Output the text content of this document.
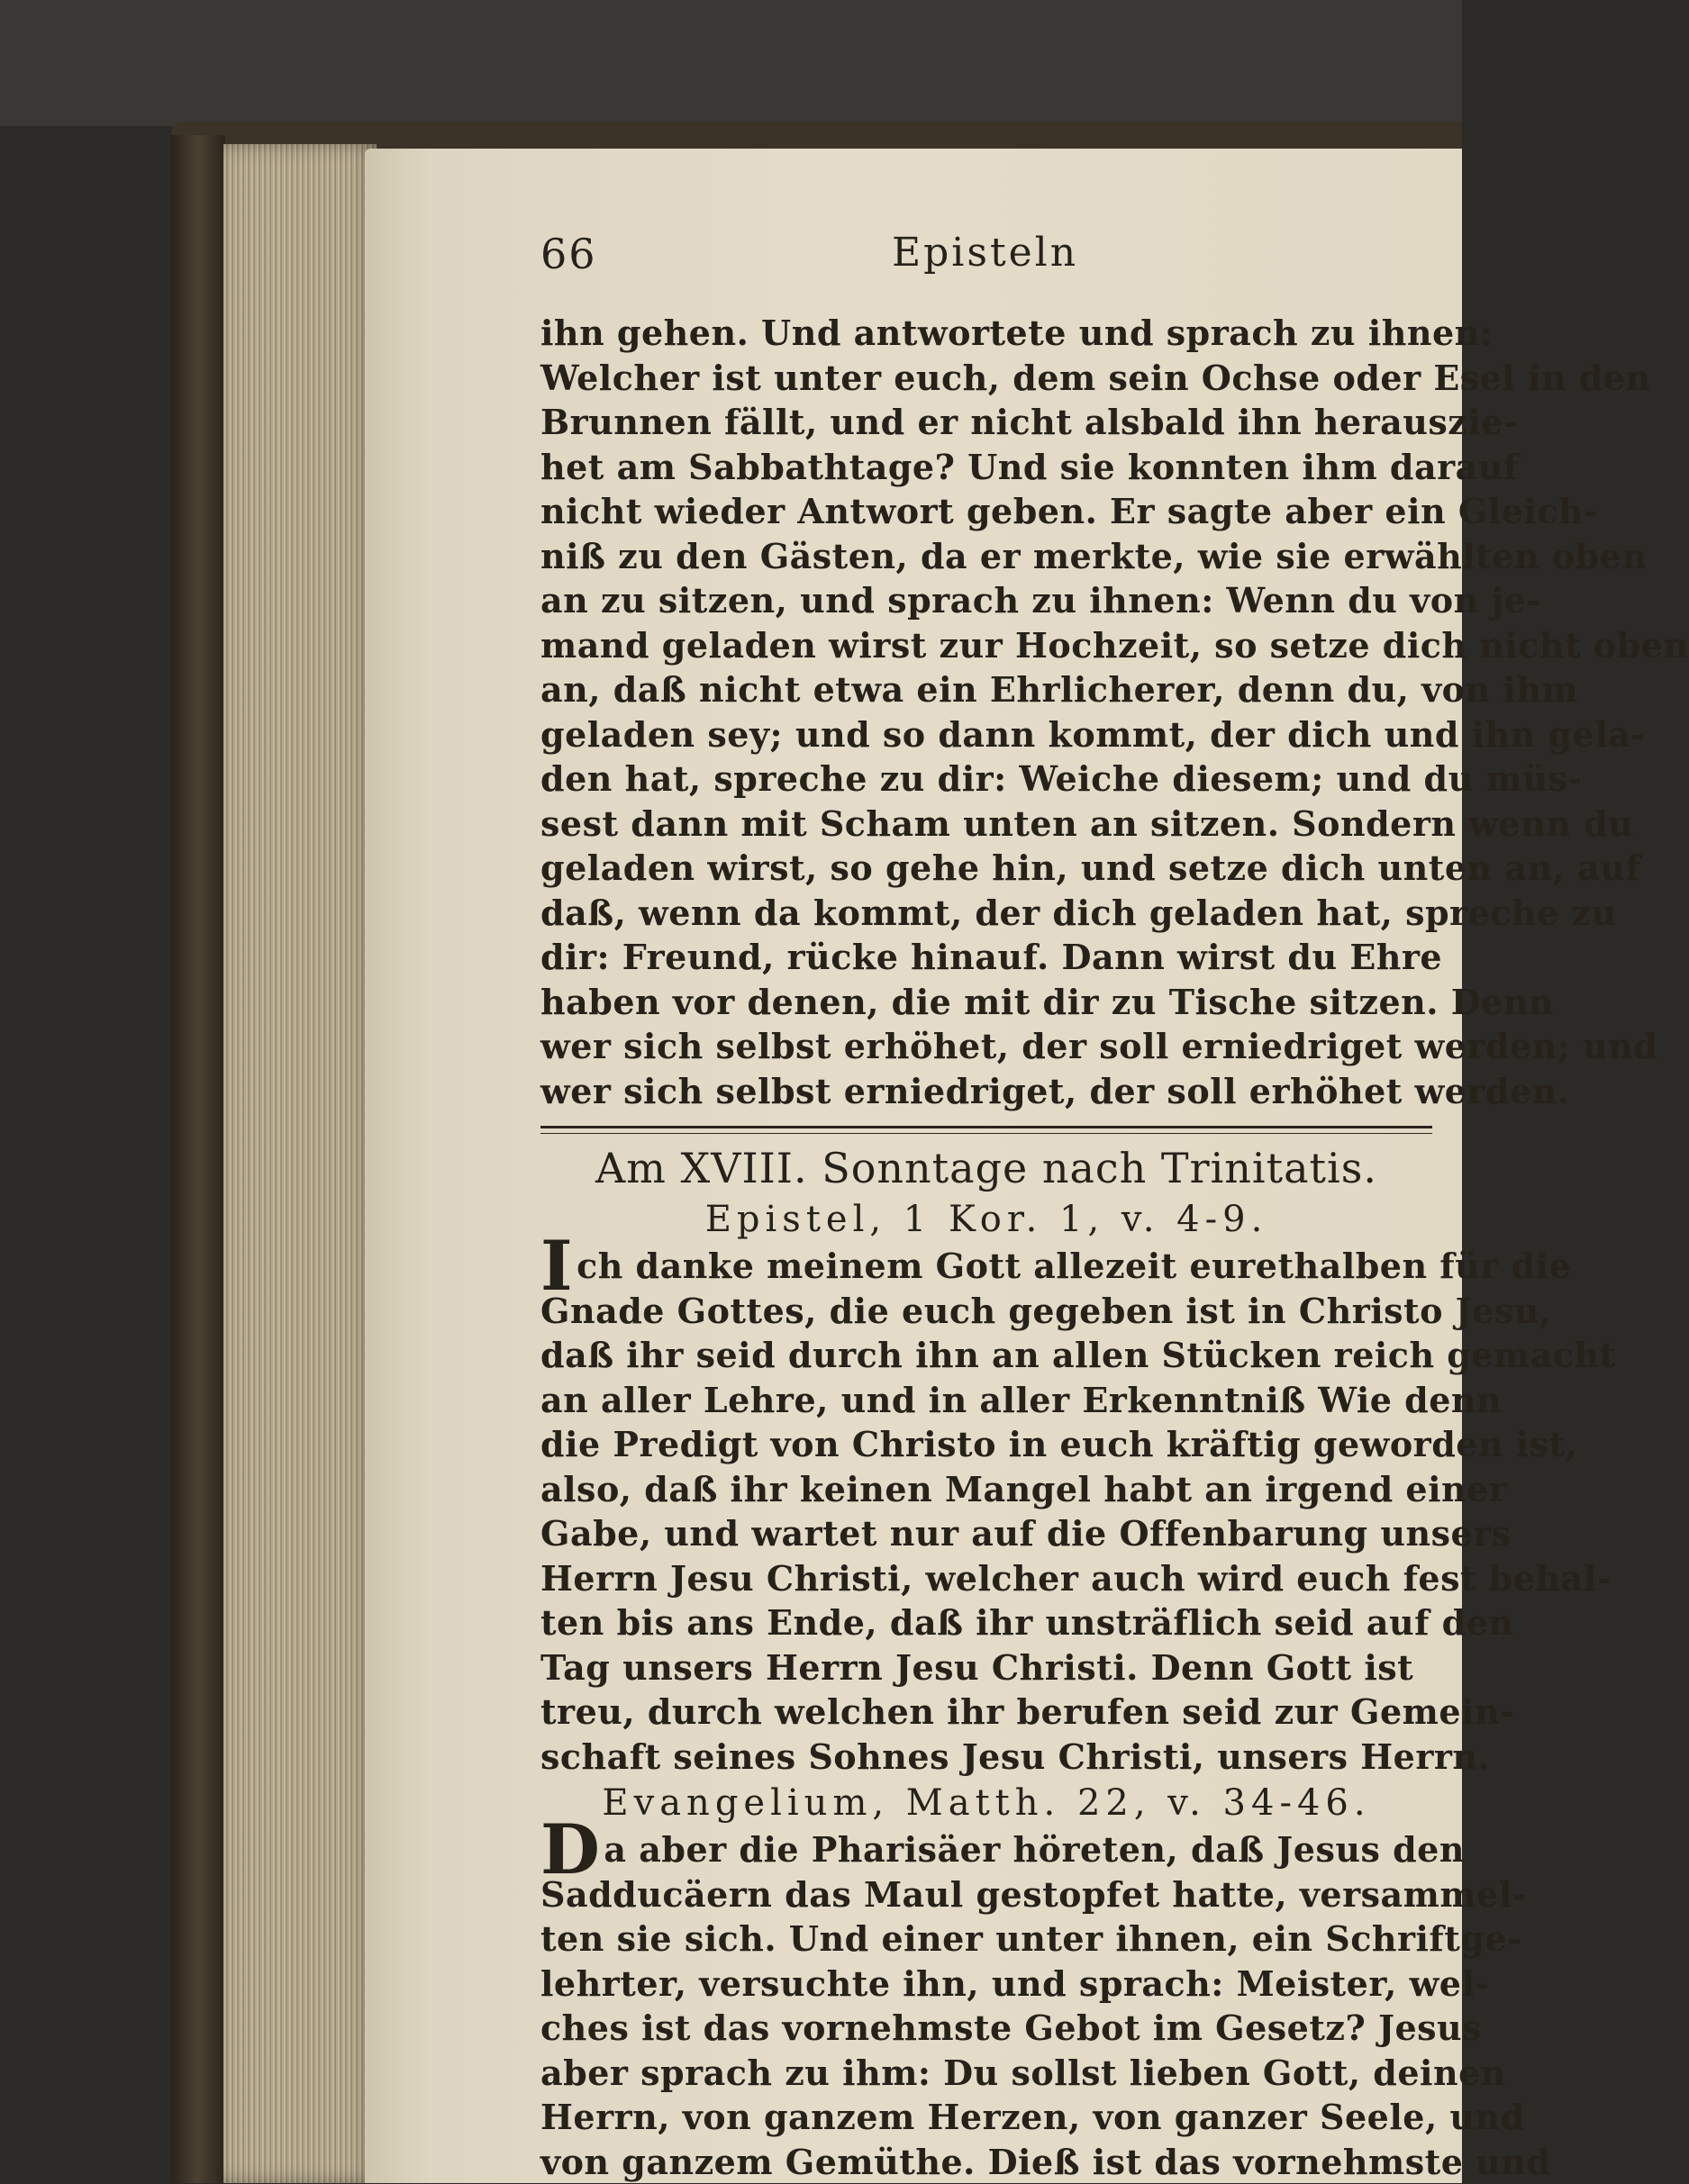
66	Episteln
ihn gehen. Und antwortete und sprach zu ihnen:
Welcher ist unter euch, dem sein Ochse oder Esel in den
Brunnen fällt, und er nicht alsbald ihn herauszie-
het am Sabbathtage? Und sie konnten ihm darauf
nicht wieder Antwort geben. Er sagte aber ein Gleich-
niß zu den Gästen, da er merkte, wie sie erwählten oben
an zu sitzen, und sprach zu ihnen: Wenn du von je-
mand geladen wirst zur Hochzeit, so setze dich nicht oben
an, daß nicht etwa ein Ehrlicherer, denn du, von ihm
geladen sey; und so dann kommt, der dich und ihn gela-
den hat, spreche zu dir: Weiche diesem; und du müs-
sest dann mit Scham unten an sitzen. Sondern wenn du
geladen wirst, so gehe hin, und setze dich unten an, auf
daß, wenn da kommt, der dich geladen hat, spreche zu
dir: Freund, rücke hinauf. Dann wirst du Ehre
haben vor denen, die mit dir zu Tische sitzen. Denn
wer sich selbst erhöhet, der soll erniedriget werden; und
wer sich selbst erniedriget, der soll erhöhet werden.
Am XVIII. Sonntage nach Trinitatis.
Epistel, 1 Kor. 1, v. 4-9.
Ich danke meinem Gott allezeit eurethalben für die
Gnade Gottes, die euch gegeben ist in Christo Jesu,
daß ihr seid durch ihn an allen Stücken reich gemacht
an aller Lehre, und in aller Erkenntniß Wie denn
die Predigt von Christo in euch kräftig geworden ist,
also, daß ihr keinen Mangel habt an irgend einer
Gabe, und wartet nur auf die Offenbarung unsers
Herrn Jesu Christi, welcher auch wird euch fest behal-
ten bis ans Ende, daß ihr unsträflich seid auf den
Tag unsers Herrn Jesu Christi. Denn Gott ist
treu, durch welchen ihr berufen seid zur Gemein-
schaft seines Sohnes Jesu Christi, unsers Herrn.
Evangelium, Matth. 22, v. 34-46.
Da aber die Pharisäer höreten, daß Jesus den
Sadducäern das Maul gestopfet hatte, versammel-
ten sie sich. Und einer unter ihnen, ein Schriftge-
lehrter, versuchte ihn, und sprach: Meister, wel-
ches ist das vornehmste Gebot im Gesetz? Jesus
aber sprach zu ihm: Du sollst lieben Gott, deinen
Herrn, von ganzem Herzen, von ganzer Seele, und
von ganzem Gemüthe. Dieß ist das vornehmste und
